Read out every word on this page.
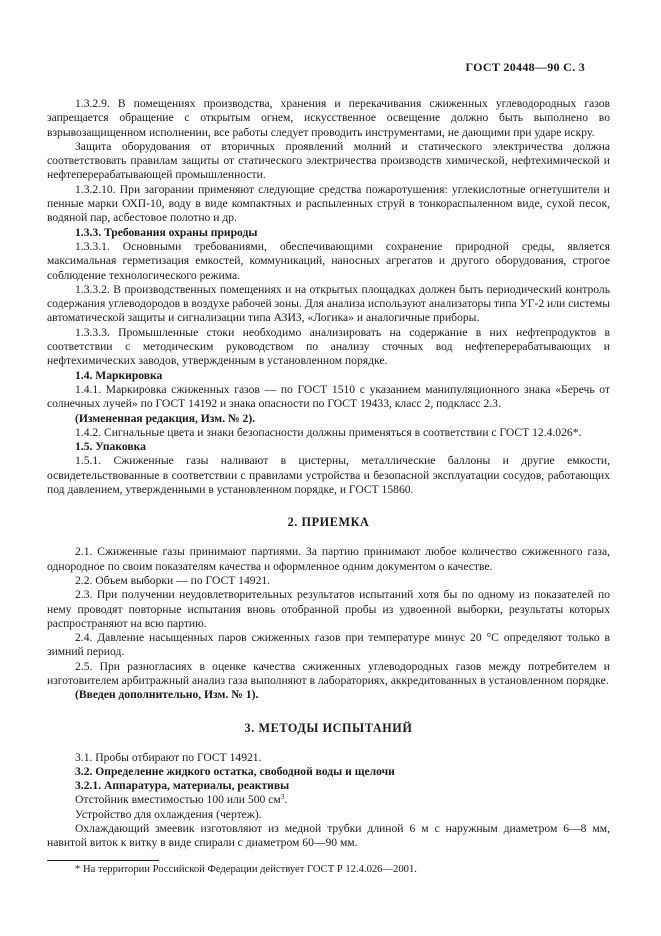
ГОСТ 20448—90 С. 3

1.3.2.9. В помещениях производства, хранения и перекачивания сжиженных углеводородных газов запрещается обращение с открытым огнем, искусственное освещение должно быть выполнено во взрывозащищенном исполнении, все работы следует проводить инструментами, не дающими при ударе искру.

Защита оборудования от вторичных проявлений молний и статического электричества должна соответствовать правилам защиты от статического электричества производств химической, нефтехимической и нефтеперерабатывающей промышленности.

1.3.2.10. При загорании применяют следующие средства пожаротушения: углекислотные огнетушители и пенные марки ОХП-10, воду в виде компактных и распыленных струй в тонкораспыленном виде, сухой песок, водяной пар, асбестовое полотно и др.

1.3.3. Требования охраны природы

1.3.3.1. Основными требованиями, обеспечивающими сохранение природной среды, является максимальная герметизация емкостей, коммуникаций, наносных агрегатов и другого оборудования, строгое соблюдение технологического режима.

1.3.3.2. В производственных помещениях и на открытых площадках должен быть периодический контроль содержания углеводородов в воздухе рабочей зоны. Для анализа используют анализаторы типа УГ-2 или системы автоматической защиты и сигнализации типа АЗИЗ, «Логика» и аналогичные приборы.

1.3.3.3. Промышленные стоки необходимо анализировать на содержание в них нефтепродуктов в соответствии с методическим руководством по анализу сточных вод нефтеперерабатывающих и нефтехимических заводов, утвержденным в установленном порядке.

1.4. Маркировка

1.4.1. Маркировка сжиженных газов — по ГОСТ 1510 с указанием манипуляционного знака «Беречь от солнечных лучей» по ГОСТ 14192 и знака опасности по ГОСТ 19433, класс 2, подкласс 2.3.

(Измененная редакция, Изм. № 2).

1.4.2. Сигнальные цвета и знаки безопасности должны применяться в соответствии с ГОСТ 12.4.026*.

1.5. Упаковка

1.5.1. Сжиженные газы наливают в цистерны, металлические баллоны и другие емкости, освидетельствованные в соответствии с правилами устройства и безопасной эксплуатации сосудов, работающих под давлением, утвержденными в установленном порядке, и ГОСТ 15860.

2. ПРИЕМКА

2.1. Сжиженные газы принимают партиями. За партию принимают любое количество сжиженного газа, однородное по своим показателям качества и оформленное одним документом о качестве.

2.2. Объем выборки — по ГОСТ 14921.

2.3. При получении неудовлетворительных результатов испытаний хотя бы по одному из показателей по нему проводят повторные испытания вновь отобранной пробы из удвоенной выборки, результаты которых распространяют на всю партию.

2.4. Давление насыщенных паров сжиженных газов при температуре минус 20 °С определяют только в зимний период.

2.5. При разногласиях в оценке качества сжиженных углеводородных газов между потребителем и изготовителем арбитражный анализ газа выполняют в лабораториях, аккредитованных в установленном порядке.

(Введен дополнительно, Изм. № 1).

3. МЕТОДЫ ИСПЫТАНИЙ

3.1. Пробы отбирают по ГОСТ 14921.

3.2. Определение жидкого остатка, свободной воды и щелочи

3.2.1. Аппаратура, материалы, реактивы

Отстойник вместимостью 100 или 500 $см^3$.

Устройство для охлаждения (чертеж).

Охлаждающий змеевик изготовляют из медной трубки длиной 6 м с наружным диаметром 6—8 мм, навитой виток к витку в виде спирали с диаметром 60—90 мм.

* На территории Российской Федерации действует ГОСТ Р 12.4.026—2001.
